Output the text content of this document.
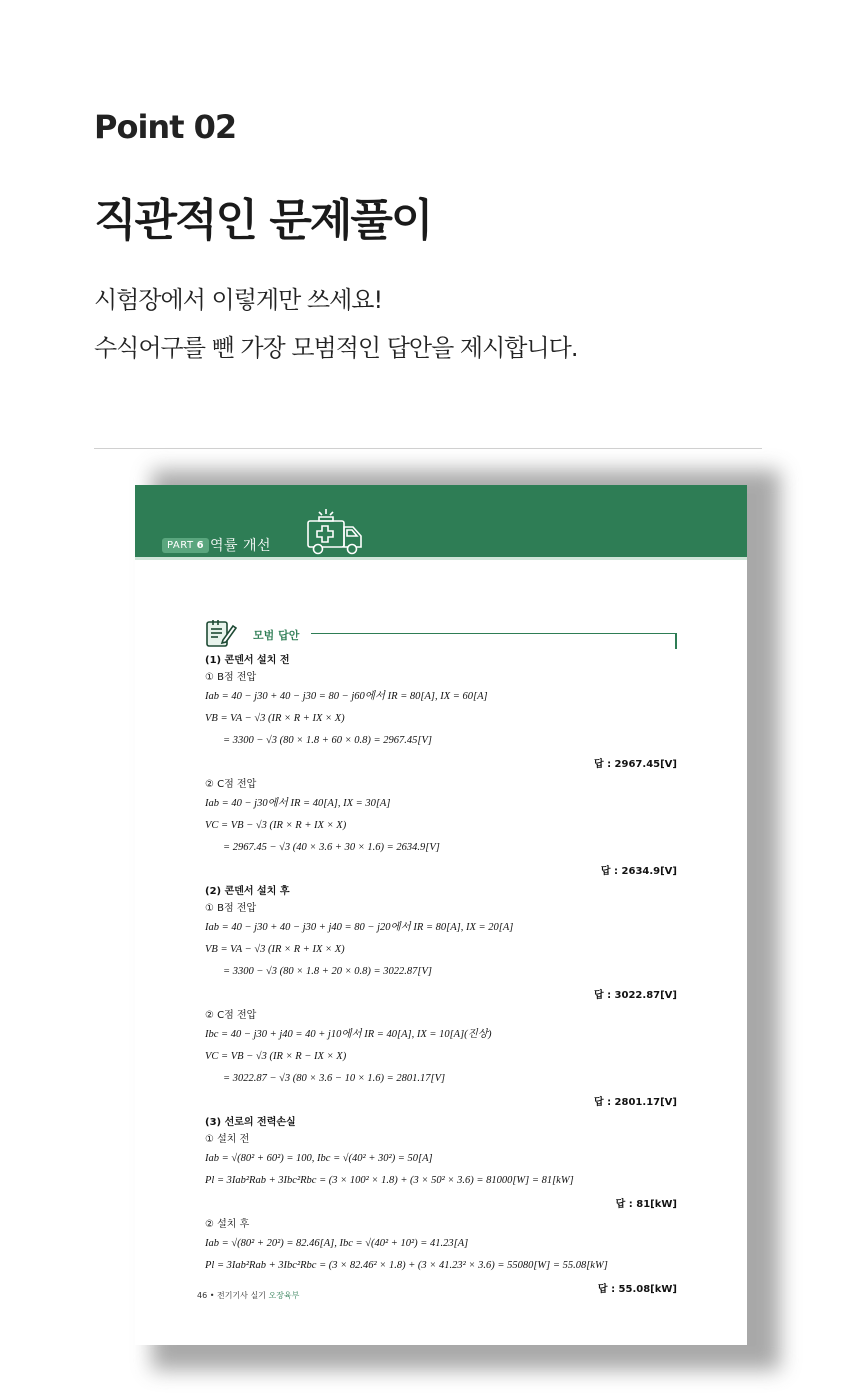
Point 02
직관적인 문제풀이
시험장에서 이렇게만 쓰세요!
수식어구를 뺀 가장 모범적인 답안을 제시합니다.
PART 6 역률 개선
모범 답안
(1) 콘덴서 설치 전
① B점 전압
Iab = 40 − j30 + 40 − j30 = 80 − j60에서 IR = 80[A], IX = 60[A]
VB = VA − √3 (IR × R + IX × X)
= 3300 − √3 (80 × 1.8 + 60 × 0.8) = 2967.45[V]
답 : 2967.45[V]
② C점 전압
Iab = 40 − j30에서 IR = 40[A], IX = 30[A]
VC = VB − √3 (IR × R + IX × X)
= 2967.45 − √3 (40 × 3.6 + 30 × 1.6) = 2634.9[V]
답 : 2634.9[V]
(2) 콘덴서 설치 후
① B점 전압
Iab = 40 − j30 + 40 − j30 + j40 = 80 − j20에서 IR = 80[A], IX = 20[A]
VB = VA − √3 (IR × R + IX × X)
= 3300 − √3 (80 × 1.8 + 20 × 0.8) = 3022.87[V]
답 : 3022.87[V]
② C점 전압
Ibc = 40 − j30 + j40 = 40 + j10에서 IR = 40[A], IX = 10[A](진상)
VC = VB − √3 (IR × R − IX × X)
= 3022.87 − √3 (80 × 3.6 − 10 × 1.6) = 2801.17[V]
답 : 2801.17[V]
(3) 선로의 전력손실
① 설치 전
Iab = √(80² + 60²) = 100, Ibc = √(40² + 30²) = 50[A]
Pl = 3Iab²Rab + 3Ibc²Rbc = (3 × 100² × 1.8) + (3 × 50² × 3.6) = 81000[W] = 81[kW]
답 : 81[kW]
② 설치 후
Iab = √(80² + 20²) = 82.46[A], Ibc = √(40² + 10²) = 41.23[A]
Pl = 3Iab²Rab + 3Ibc²Rbc = (3 × 82.46² × 1.8) + (3 × 41.23² × 3.6) = 55080[W] = 55.08[kW]
답 : 55.08[kW]
46 • 전기기사 실기 오장육부
